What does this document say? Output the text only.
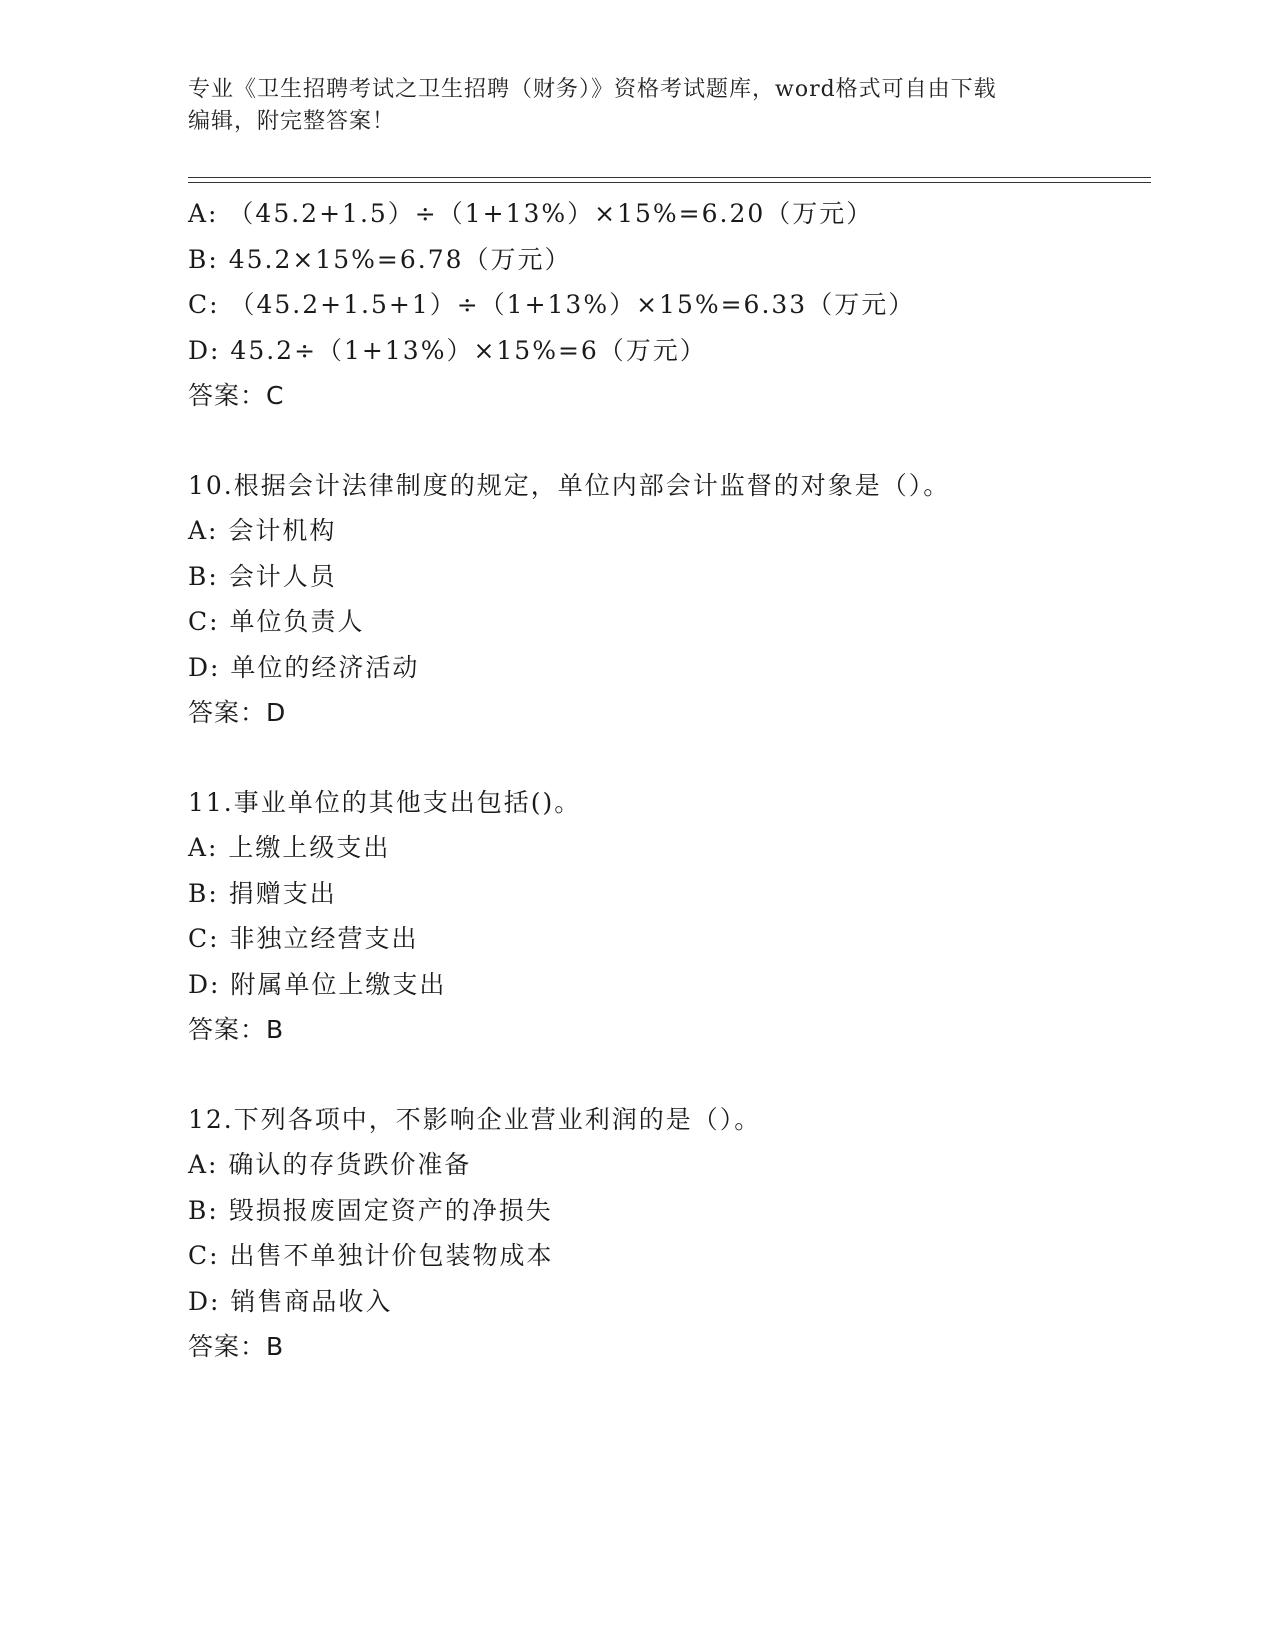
专业《卫生招聘考试之卫生招聘（财务）》资格考试题库，word格式可自由下载
编辑，附完整答案！
A: （45.2+1.5）÷（1+13%）×15%=6.20（万元）
B: 45.2×15%=6.78（万元）
C: （45.2+1.5+1）÷（1+13%）×15%=6.33（万元）
D: 45.2÷（1+13%）×15%=6（万元）
答案：C
10.根据会计法律制度的规定，单位内部会计监督的对象是（）。
A: 会计机构
B: 会计人员
C: 单位负责人
D: 单位的经济活动
答案：D
11.事业单位的其他支出包括()。
A: 上缴上级支出
B: 捐赠支出
C: 非独立经营支出
D: 附属单位上缴支出
答案：B
12.下列各项中，不影响企业营业利润的是（）。
A: 确认的存货跌价准备
B: 毁损报废固定资产的净损失
C: 出售不单独计价包装物成本
D: 销售商品收入
答案：B
